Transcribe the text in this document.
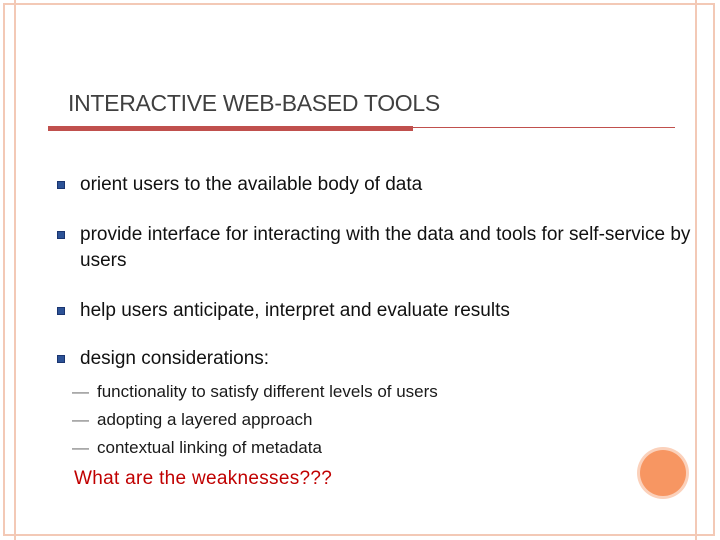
INTERACTIVE WEB-BASED TOOLS
orient users to the available body of data
provide interface for interacting with the data and tools for self-service by users
help users anticipate, interpret and evaluate results
design considerations:
— functionality to satisfy different levels of users
— adopting a layered approach
— contextual linking of metadata
What are the weaknesses???
